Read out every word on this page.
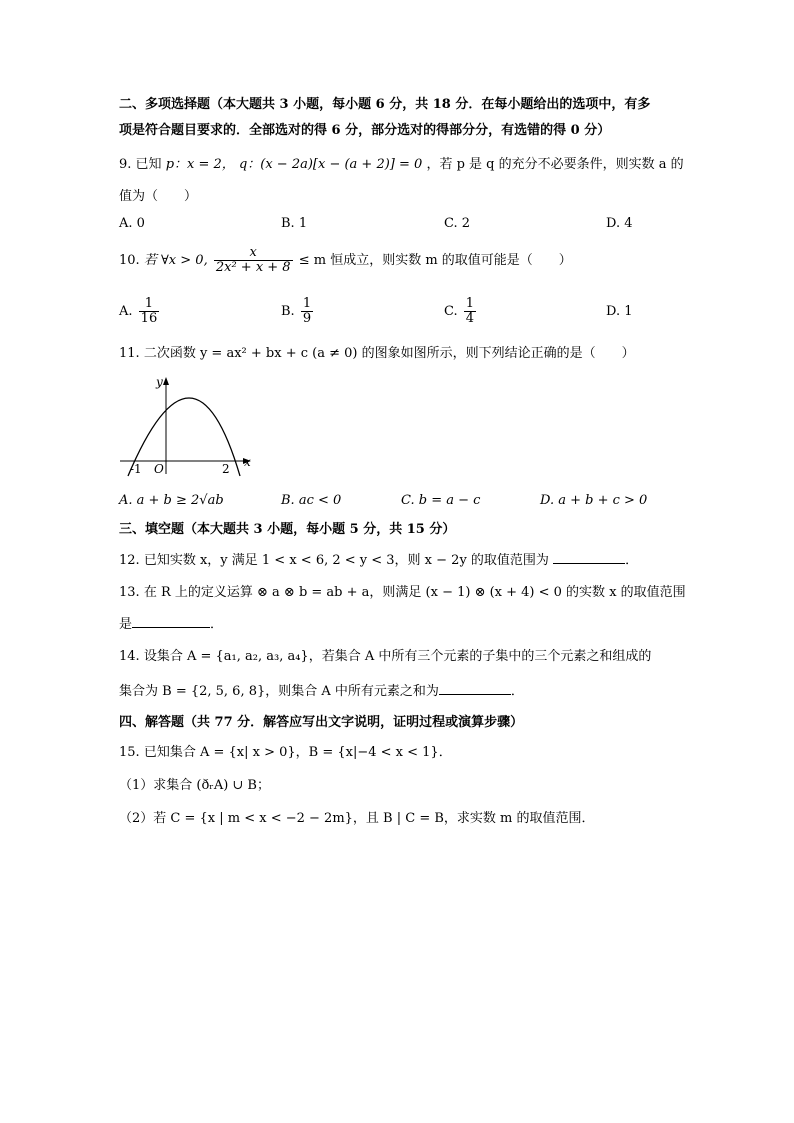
二、多项选择题（本大题共 3 小题，每小题 6 分，共 18 分．在每小题给出的选项中，有多
项是符合题目要求的．全部选对的得 6 分，部分选对的得部分分，有选错的得 0 分）
9. 已知 p：x = 2， q：(x − 2a)[x − (a + 2)] = 0 ，若 p 是 q 的充分不必要条件，则实数 a 的
值为（　　）
A. 0	B. 1	C. 2	D. 4
10. 若 ∀x > 0, $\frac{x}{\text{2x² + x + 8}} \le m$ 恒成立，则实数 m 的取值可能是（　　）
A. $\frac{1}{16}$	B. $\frac{1}{9}$	C. $\frac{1}{4}$	D. 1
11. 二次函数 y = ax² + bx + c (a ≠ 0) 的图象如图所示，则下列结论正确的是（　　）
y
x
O
-1	2
A. a + b ≥ 2√ab	B. ac < 0	C. b = a − c	D. a + b + c > 0
三、填空题（本大题共 3 小题，每小题 5 分，共 15 分）
12. 已知实数 x，y 满足 1 < x < 6, 2 < y < 3，则 x − 2y 的取值范围为	．
13. 在 R 上的定义运算 ⊗ a ⊗ b = ab + a，则满足 (x − 1) ⊗ (x + 4) < 0 的实数 x 的取值范围
是	．
14. 设集合 A = {a₁, a₂, a₃, a₄}，若集合 A 中所有三个元素的子集中的三个元素之和组成的
集合为 B = {2, 5, 6, 8}，则集合 A 中所有元素之和为	．
四、解答题（共 77 分．解答应写出文字说明，证明过程或演算步骤）
15. 已知集合 A = {x| x > 0}，B = {x|−4 < x < 1}．
（1）求集合 (ðᵣA) ∪ B；
（2）若 C = {x | m < x < −2 − 2m}，且 B | C = B，求实数 m 的取值范围．
